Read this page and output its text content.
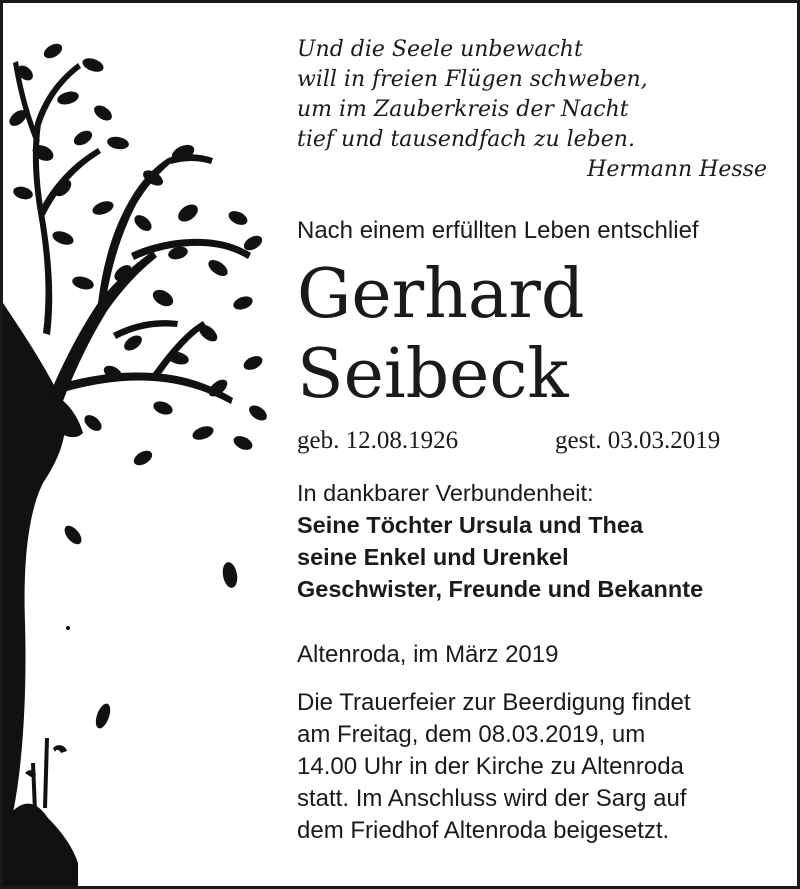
Und die Seele unbewacht
will in freien Flügen schweben,
um im Zauberkreis der Nacht
tief und tausendfach zu leben.
Hermann Hesse
Nach einem erfüllten Leben entschlief
Gerhard
Seibeck
geb. 12.08.1926	gest. 03.03.2019
In dankbarer Verbundenheit:
Seine Töchter Ursula und Thea
seine Enkel und Urenkel
Geschwister, Freunde und Bekannte
Altenroda, im März 2019
Die Trauerfeier zur Beerdigung findet
am Freitag, dem 08.03.2019, um
14.00 Uhr in der Kirche zu Altenroda
statt. Im Anschluss wird der Sarg auf
dem Friedhof Altenroda beigesetzt.
